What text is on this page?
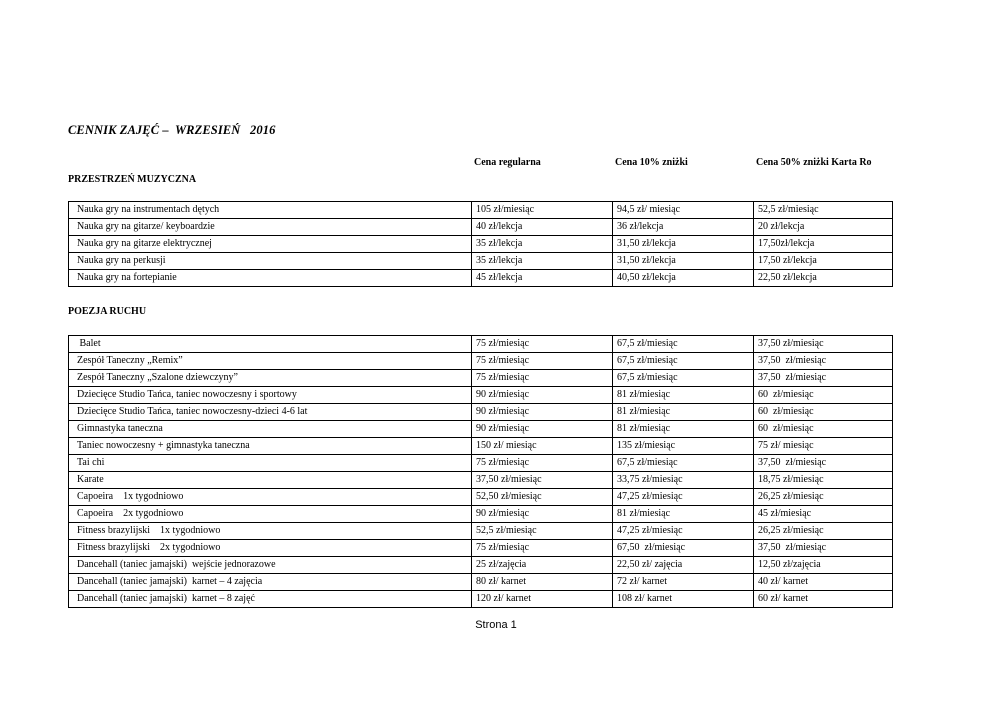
CENNIK ZAJĘĆ –  WRZESIEŃ   2016
Cena regularna	Cena 10% zniżki	Cena 50% zniżki Karta Ro
PRZESTRZEŃ MUZYCZNA
Nauka gry na instrumentach dętych	105 zł/miesiąc	94,5 zł/ miesiąc	52,5 zł/miesiąc
Nauka gry na gitarze/ keyboardzie	40 zł/lekcja	36 zł/lekcja	20 zł/lekcja
Nauka gry na gitarze elektrycznej	35 zł/lekcja	31,50 zł/lekcja	17,50zł/lekcja
Nauka gry na perkusji	35 zł/lekcja	31,50 zł/lekcja	17,50 zł/lekcja
Nauka gry na fortepianie	45 zł/lekcja	40,50 zł/lekcja	22,50 zł/lekcja
POEZJA RUCHU
Balet	75 zł/miesiąc	67,5 zł/miesiąc	37,50 zł/miesiąc
Zespół Taneczny „Remix”	75 zł/miesiąc	67,5 zł/miesiąc	37,50  zł/miesiąc
Zespół Taneczny „Szalone dziewczyny”	75 zł/miesiąc	67,5 zł/miesiąc	37,50  zł/miesiąc
Dziecięce Studio Tańca, taniec nowoczesny i sportowy	90 zł/miesiąc	81 zł/miesiąc	60  zł/miesiąc
Dziecięce Studio Tańca, taniec nowoczesny-dzieci 4-6 lat	90 zł/miesiąc	81 zł/miesiąc	60  zł/miesiąc
Gimnastyka taneczna	90 zł/miesiąc	81 zł/miesiąc	60  zł/miesiąc
Taniec nowoczesny + gimnastyka taneczna	150 zł/ miesiąc	135 zł/miesiąc	75 zł/ miesiąc
Tai chi	75 zł/miesiąc	67,5 zł/miesiąc	37,50  zł/miesiąc
Karate	37,50 zł/miesiąc	33,75 zł/miesiąc	18,75 zł/miesiąc
Capoeira    1x tygodniowo	52,50 zł/miesiąc	47,25 zł/miesiąc	26,25 zł/miesiąc
Capoeira    2x tygodniowo	90 zł/miesiąc	81 zł/miesiąc	45 zł/miesiąc
Fitness brazylijski    1x tygodniowo	52,5 zł/miesiąc	47,25 zł/miesiąc	26,25 zł/miesiąc
Fitness brazylijski    2x tygodniowo	75 zł/miesiąc	67,50  zł/miesiąc	37,50  zł/miesiąc
Dancehall (taniec jamajski)  wejście jednorazowe	25 zł/zajęcia	22,50 zł/ zajęcia	12,50 zł/zajęcia
Dancehall (taniec jamajski)  karnet – 4 zajęcia	80 zł/ karnet	72 zł/ karnet	40 zł/ karnet
Dancehall (taniec jamajski)  karnet – 8 zajęć	120 zł/ karnet	108 zł/ karnet	60 zł/ karnet
Strona 1
